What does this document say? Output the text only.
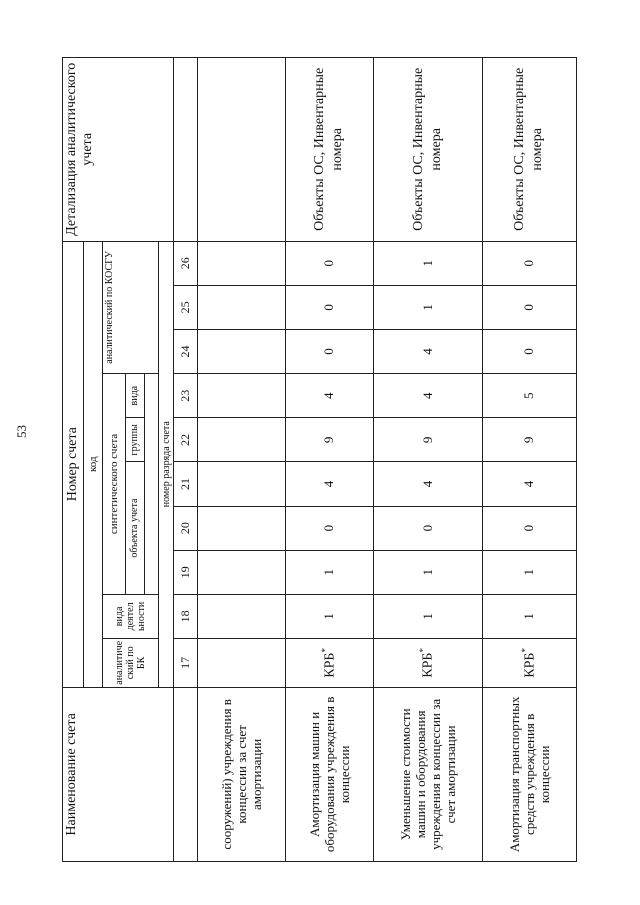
53
Наименование счета	Номер счета										Детализация аналитического учета
	код										
	аналитиче ский по БК	вида деятел ьности	синтетического счета					аналитический по КОСГУ			
			объекта учета			группы	вида				

	номер разряда счета										
	17	18	19	20	21	22	23	24	25	26	
сооружений) учреждения в концессии за счет амортизации											
Амортизация машин и оборудования учреждения в концессии	КРБ*	1	1	0	4	9	4	0	0	0	Объекты ОС, Инвентарные номера
Уменьшение стоимости машин и оборудования учреждения в концессии за счет амортизации	КРБ*	1	1	0	4	9	4	4	1	1	Объекты ОС, Инвентарные номера
Амортизация транспортных средств учреждения в концессии	КРБ*	1	1	0	4	9	5	0	0	0	Объекты ОС, Инвентарные номера
